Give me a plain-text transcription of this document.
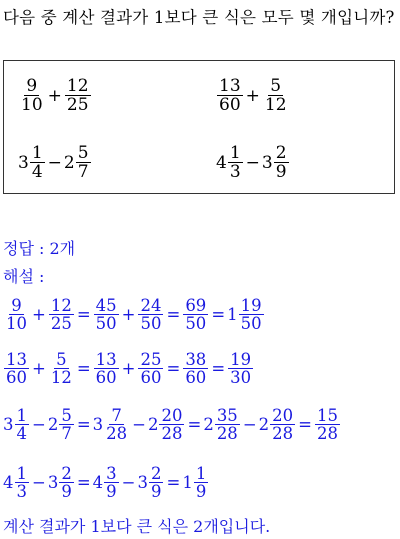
다음 중 계산 결과가 1보다 큰 식은 모두 몇 개입니까?
$\frac{9}{10} + \frac{12}{25}$	$\frac{13}{60} + \frac{5}{12}$
$3 \frac{1}{4} - 2 \frac{5}{7}$	$4 \frac{1}{3} - 3 \frac{2}{9}$
정답 : 2개
해설 :
$\frac{9}{10} + \frac{12}{25} = \frac{45}{50} + \frac{24}{50} = \frac{69}{50} = 1 \frac{19}{50}$
$\frac{13}{60} + \frac{5}{12} = \frac{13}{60} + \frac{25}{60} = \frac{38}{60} = \frac{19}{30}$
$3 \frac{1}{4} - 2 \frac{5}{7} = 3 \frac{7}{28} - 2 \frac{20}{28} = 2 \frac{35}{28} - 2 \frac{20}{28} = \frac{15}{28}$
$4 \frac{1}{3} - 3 \frac{2}{9} = 4 \frac{3}{9} - 3 \frac{2}{9} = 1 \frac{1}{9}$
계산 결과가 1보다 큰 식은 2개입니다.
